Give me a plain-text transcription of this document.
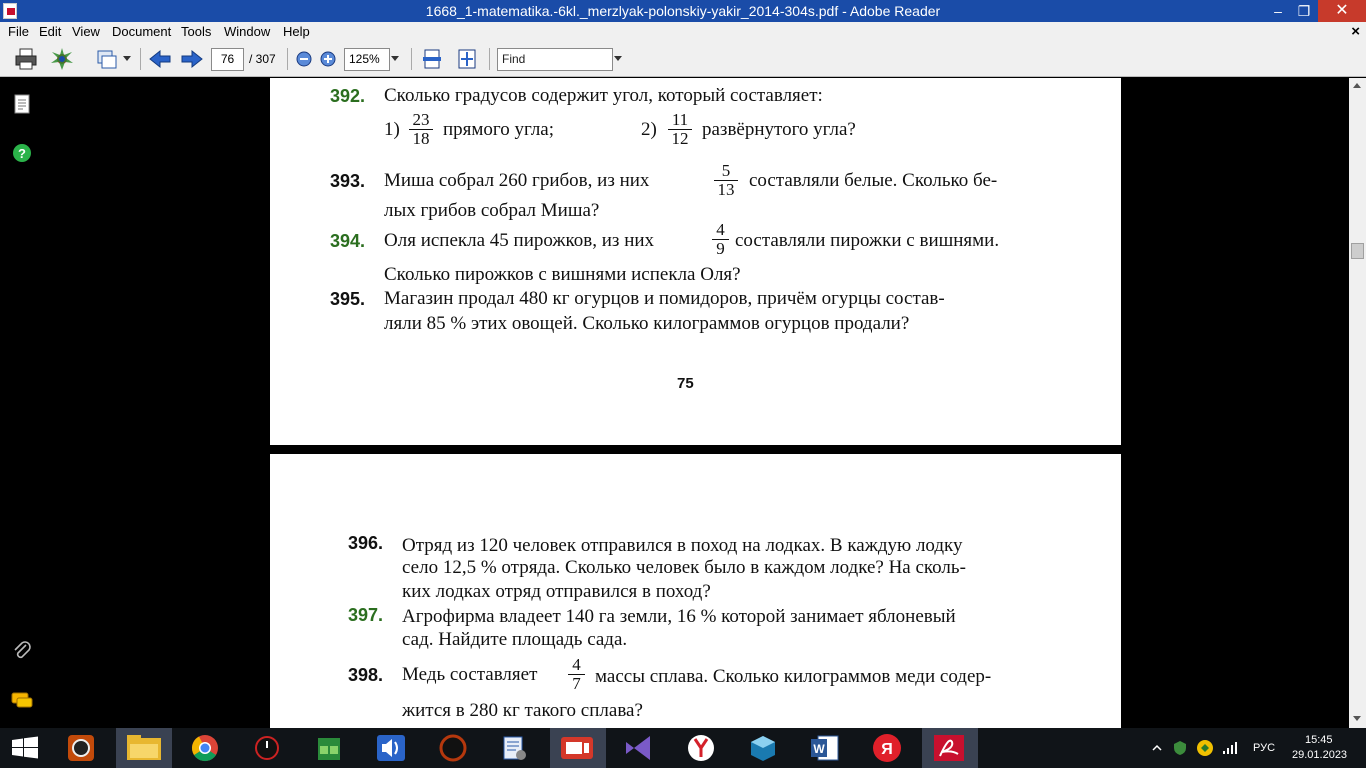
1668_1-matematika.-6kl._merzlyak-polonskiy-yakir_2014-304s.pdf - Adobe Reader	‒	❐	✕
File Edit View Document Tools Window Help	×
76	/ 307	125%	Find
?
392. Сколько градусов содержит угол, который составляет:
$1) \frac{23}{18}$ прямого угла;	$2) \frac{11}{12}$ развёрнутого угла?
393. Миша собрал 260 грибов, из них	$\frac{5}{13}$ составляли белые. Сколько бе-
лых грибов собрал Миша?
394. Оля испекла 45 пирожков, из них	$\frac{4}{9}$ составляли пирожки с вишнями.
Сколько пирожков с вишнями испекла Оля?
395. Магазин продал 480 кг огурцов и помидоров, причём огурцы состав-
ляли 85 % этих овощей. Сколько килограммов огурцов продали?
75
396. Отряд из 120 человек отправился в поход на лодках. В каждую лодку
село 12,5 % отряда. Сколько человек было в каждом лодке? На сколь-
ких лодках отряд отправился в поход?
397. Агрофирма владеет 140 га земли, 16 % которой занимает яблоневый
сад. Найдите площадь сада.
398. Медь составляет $\frac{4}{7}$ массы сплава. Сколько килограммов меди содер-
жится в 280 кг такого сплава?
W	Я	РУС
15:45
29.01.2023
